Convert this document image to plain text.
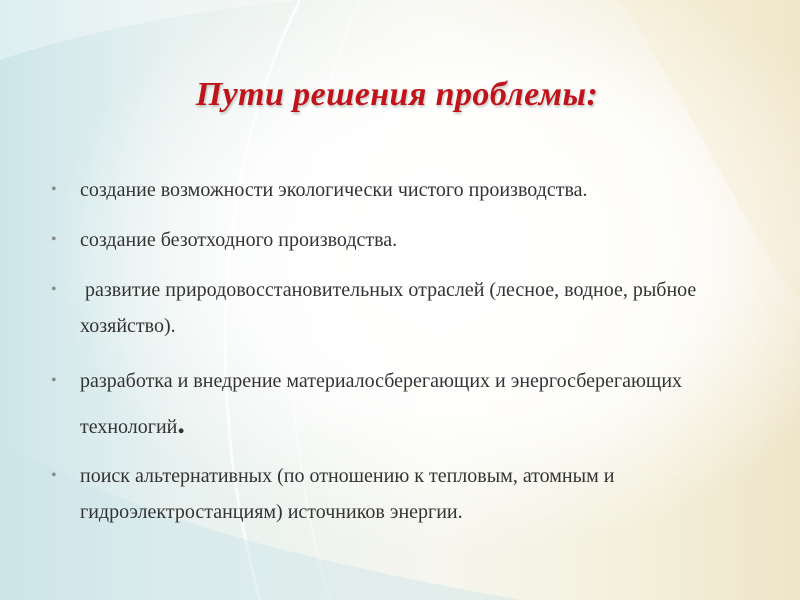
Пути решения проблемы:
• создание возможности экологически чистого производства.
• создание безотходного производства.
• развитие природовосстановительных отраслей (лесное, водное, рыбное хозяйство).
• разработка и внедрение материалосберегающих и энергосберегающих технологий.
• поиск альтернативных (по отношению к тепловым, атомным и гидроэлектростанциям) источников энергии.
